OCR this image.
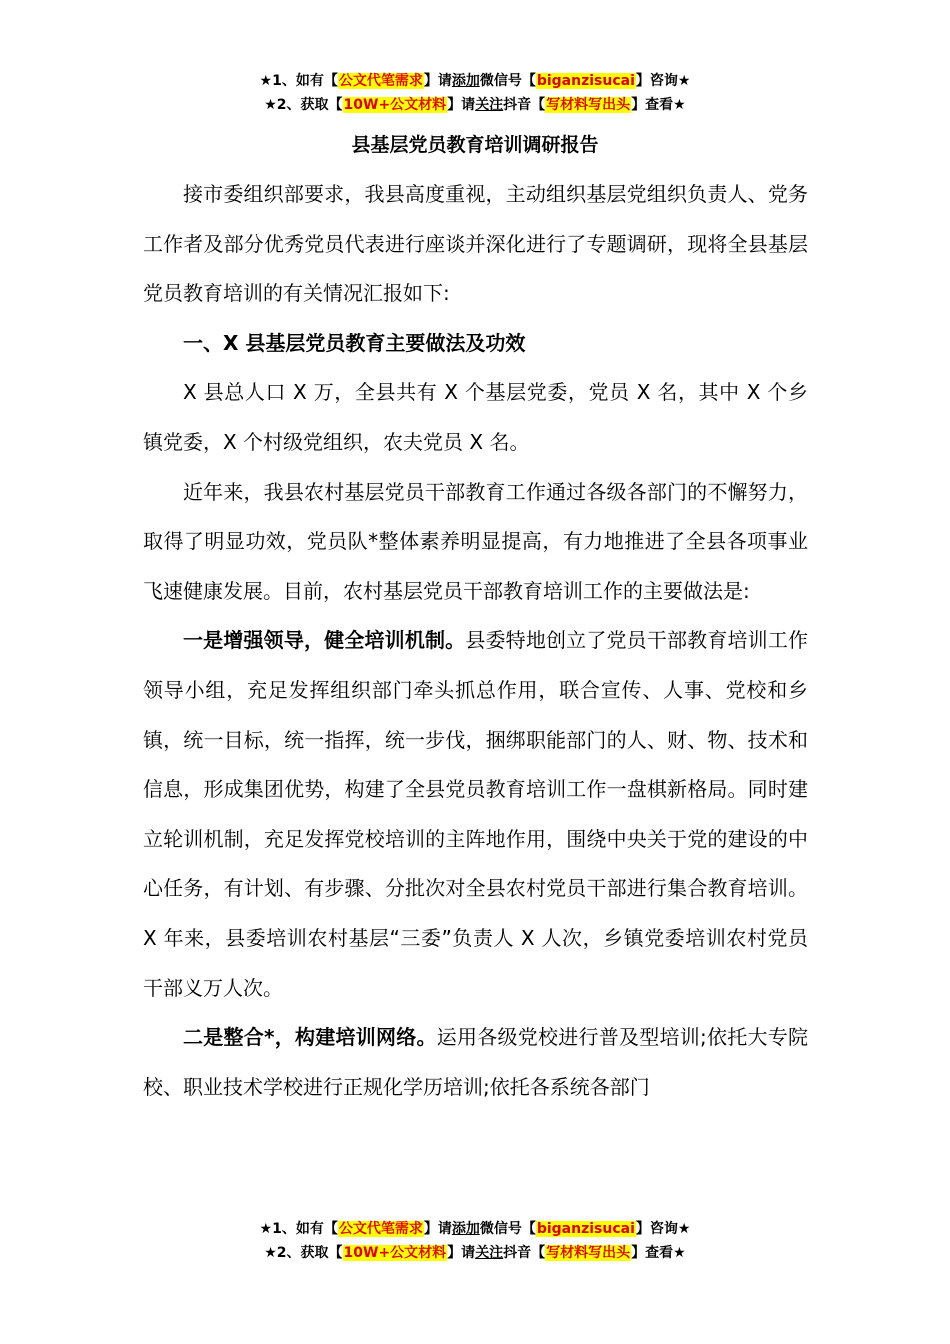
★1、如有【公文代笔需求】请添加微信号【biganzisucai】咨询★
★2、获取【10W+公文材料】请关注抖音【写材料写出头】查看★
县基层党员教育培训调研报告

接市委组织部要求，我县高度重视，主动组织基层党组织负责人、党务工作者及部分优秀党员代表进行座谈并深化进行了专题调研，现将全县基层党员教育培训的有关情况汇报如下:

一、X 县基层党员教育主要做法及功效

X 县总人口 X 万，全县共有 X 个基层党委，党员 X 名，其中 X 个乡镇党委，X 个村级党组织，农夫党员 X 名。

近年来，我县农村基层党员干部教育工作通过各级各部门的不懈努力，取得了明显功效，党员队*整体素养明显提高，有力地推进了全县各项事业飞速健康发展。目前，农村基层党员干部教育培训工作的主要做法是:

一是增强领导，健全培训机制。县委特地创立了党员干部教育培训工作领导小组，充足发挥组织部门牵头抓总作用，联合宣传、人事、党校和乡镇，统一目标，统一指挥，统一步伐，捆绑职能部门的人、财、物、技术和信息，形成集团优势，构建了全县党员教育培训工作一盘棋新格局。同时建立轮训机制，充足发挥党校培训的主阵地作用，围绕中央关于党的建设的中心任务，有计划、有步骤、分批次对全县农村党员干部进行集合教育培训。X 年来，县委培训农村基层“三委”负责人 X 人次，乡镇党委培训农村党员干部义万人次。

二是整合*，构建培训网络。运用各级党校进行普及型培训;依托大专院校、职业技术学校进行正规化学历培训;依托各系统各部门

★1、如有【公文代笔需求】请添加微信号【biganzisucai】咨询★
★2、获取【10W+公文材料】请关注抖音【写材料写出头】查看★
